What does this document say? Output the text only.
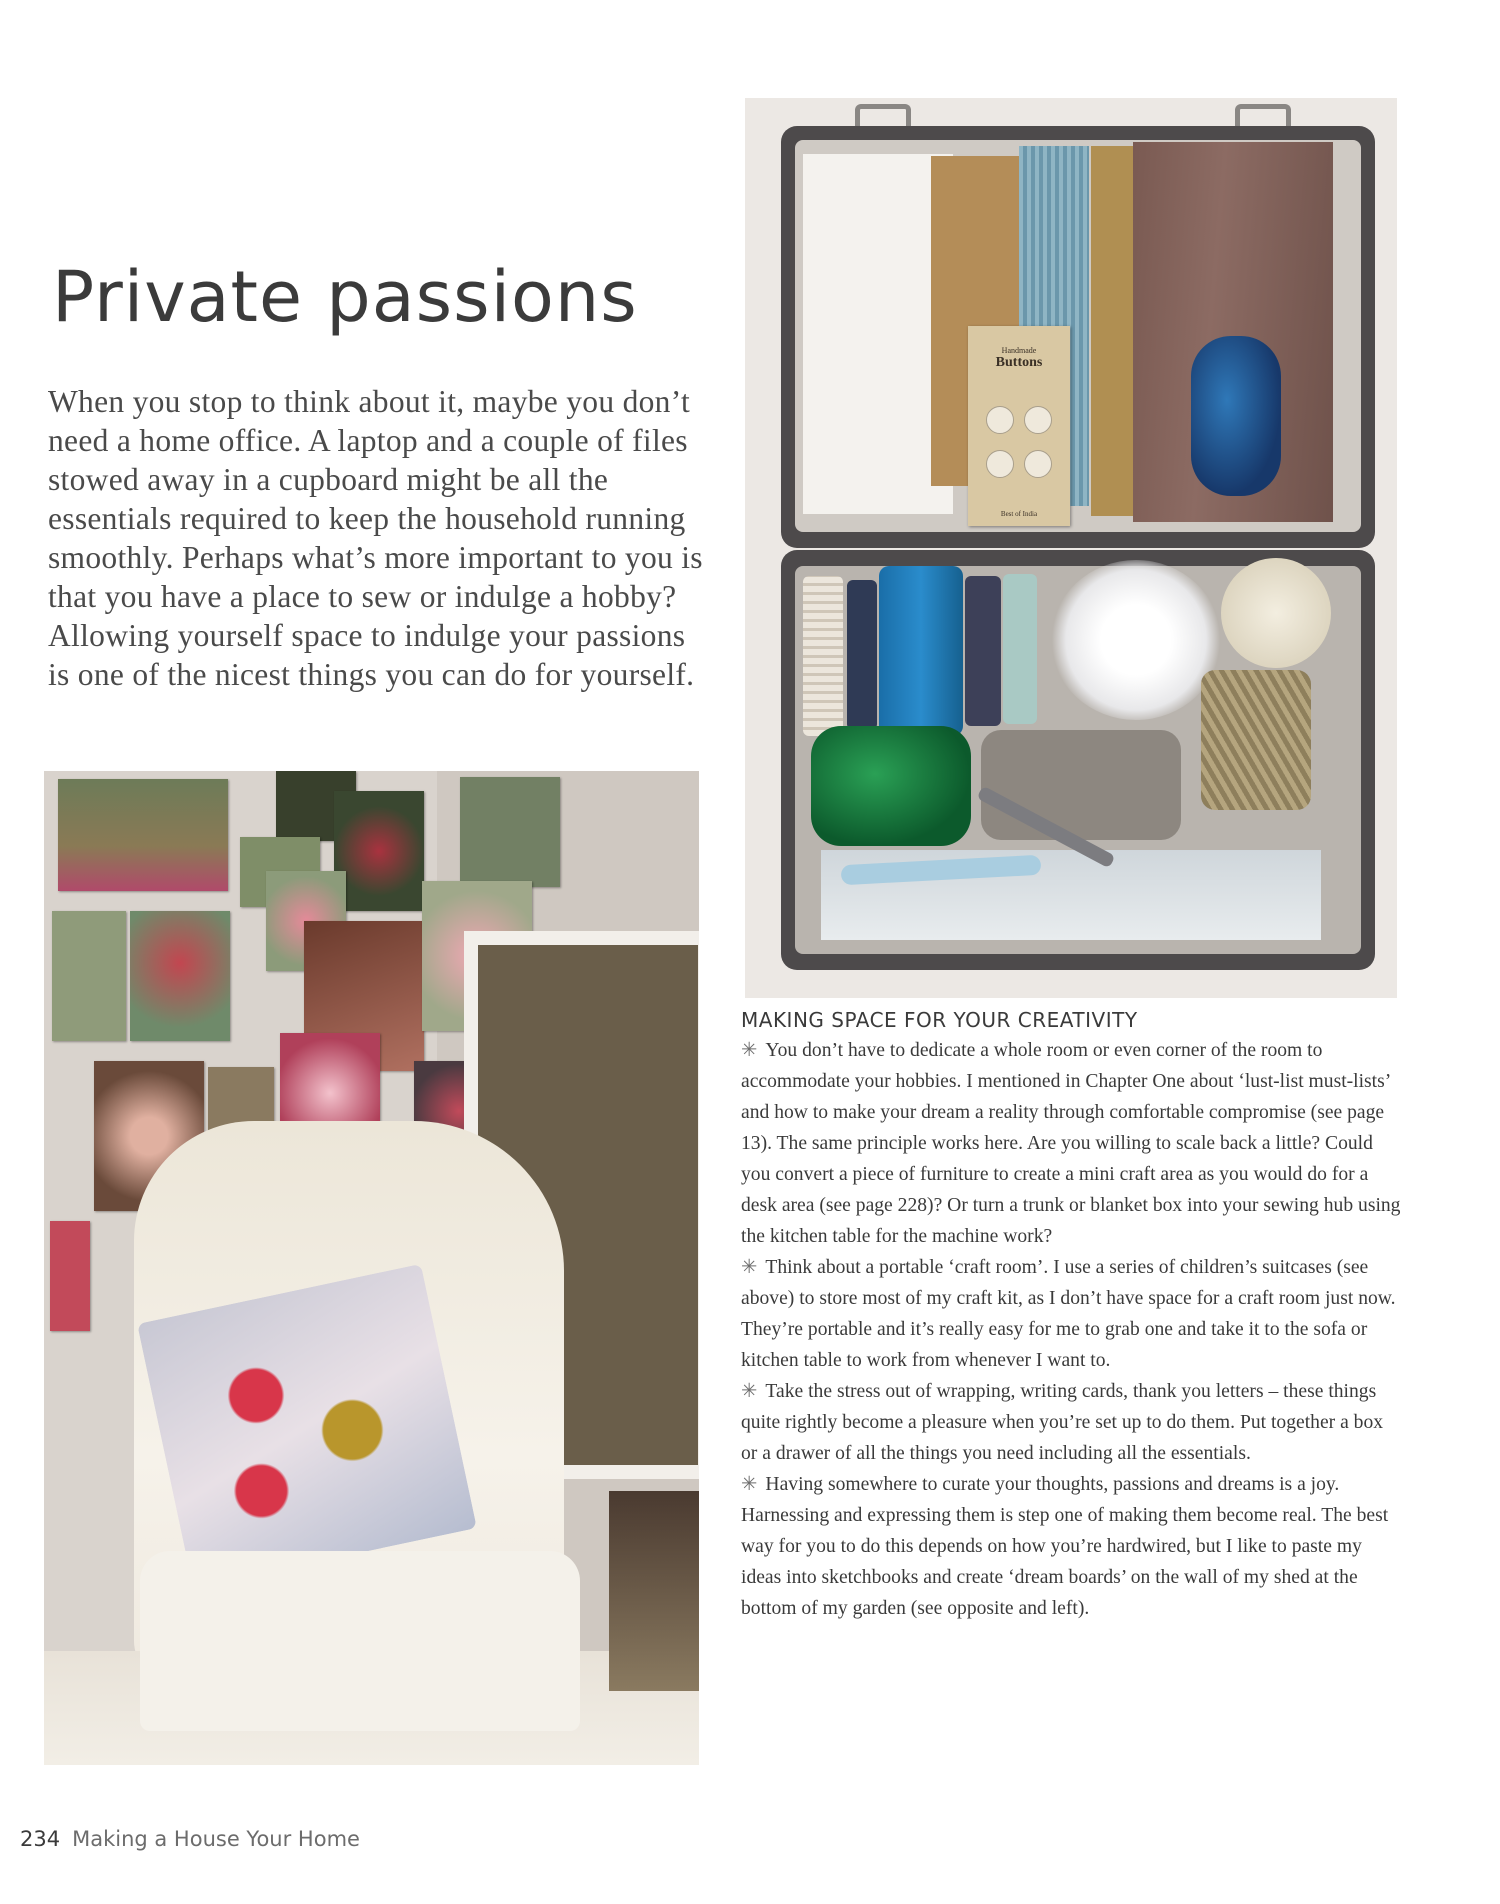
Private passions

When you stop to think about it, maybe you don’t need a home office. A laptop and a couple of files stowed away in a cupboard might be all the essentials required to keep the household running smoothly. Perhaps what’s more important to you is that you have a place to sew or indulge a hobby? Allowing yourself space to indulge your passions is one of the nicest things you can do for yourself.

Handmade
Buttons
Best of India

MAKING SPACE FOR YOUR CREATIVITY

✳ You don’t have to dedicate a whole room or even corner of the room to accommodate your hobbies. I mentioned in Chapter One about ‘lust-list must-lists’ and how to make your dream a reality through comfortable compromise (see page 13). The same principle works here. Are you willing to scale back a little? Could you convert a piece of furniture to create a mini craft area as you would do for a desk area (see page 228)? Or turn a trunk or blanket box into your sewing hub using the kitchen table for the machine work?

✳ Think about a portable ‘craft room’. I use a series of children’s suitcases (see above) to store most of my craft kit, as I don’t have space for a craft room just now. They’re portable and it’s really easy for me to grab one and take it to the sofa or kitchen table to work from whenever I want to.

✳ Take the stress out of wrapping, writing cards, thank you letters – these things quite rightly become a pleasure when you’re set up to do them. Put together a box or a drawer of all the things you need including all the essentials.

✳ Having somewhere to curate your thoughts, passions and dreams is a joy. Harnessing and expressing them is step one of making them become real. The best way for you to do this depends on how you’re hardwired, but I like to paste my ideas into sketchbooks and create ‘dream boards’ on the wall of my shed at the bottom of my garden (see opposite and left).

234 Making a House Your Home
